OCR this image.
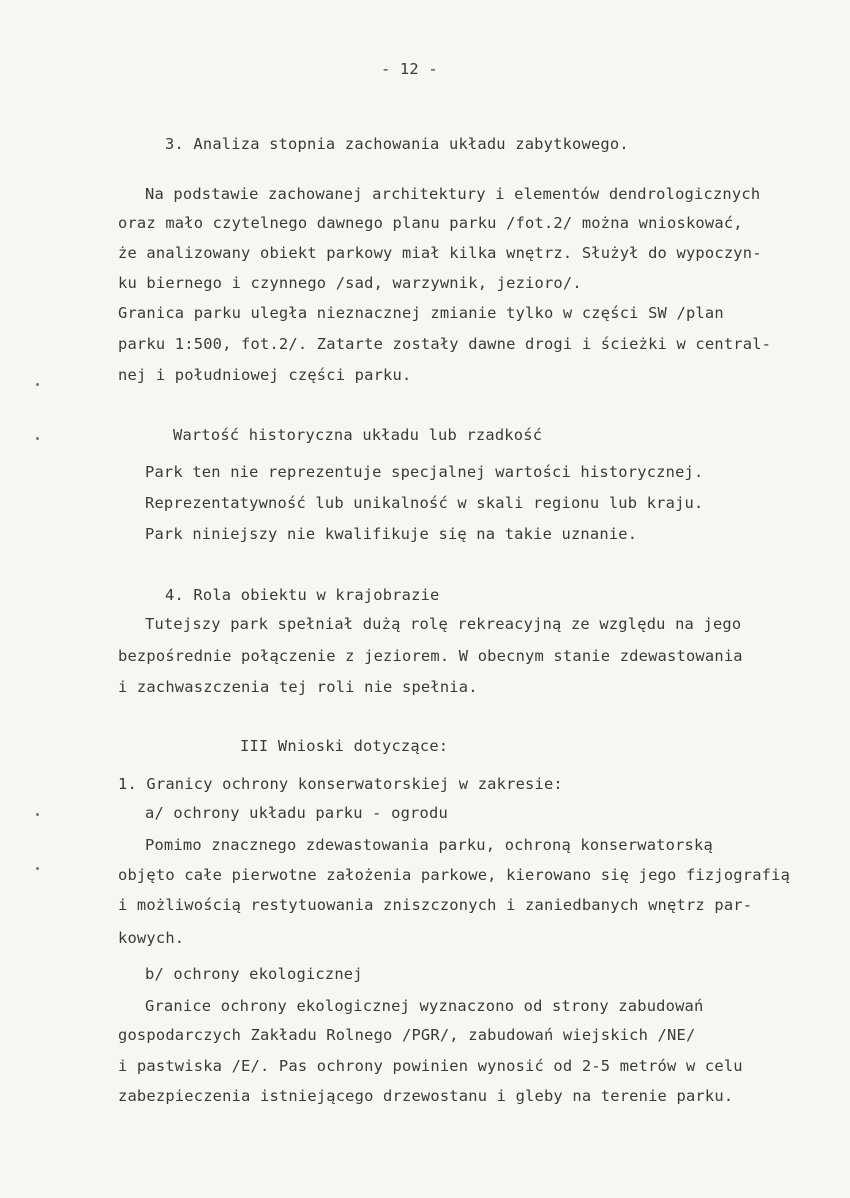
- 12 -
3. Analiza stopnia zachowania układu zabytkowego.
Na podstawie zachowanej architektury i elementów dendrologicznych
oraz mało czytelnego dawnego planu parku /fot.2/ można wnioskować,
że analizowany obiekt parkowy miał kilka wnętrz. Służył do wypoczyn-
ku biernego i czynnego /sad, warzywnik, jezioro/.
Granica parku uległa nieznacznej zmianie tylko w części SW /plan
parku 1:500, fot.2/. Zatarte zostały dawne drogi i ścieżki w central-
nej i południowej części parku.
Wartość historyczna układu lub rzadkość
Park ten nie reprezentuje specjalnej wartości historycznej.
Reprezentatywność lub unikalność w skali regionu lub kraju.
Park niniejszy nie kwalifikuje się na takie uznanie.
4. Rola obiektu w krajobrazie
Tutejszy park spełniał dużą rolę rekreacyjną ze względu na jego
bezpośrednie połączenie z jeziorem. W obecnym stanie zdewastowania
i zachwaszczenia tej roli nie spełnia.
III Wnioski dotyczące:
1. Granicy ochrony konserwatorskiej w zakresie:
a/ ochrony układu parku - ogrodu
Pomimo znacznego zdewastowania parku, ochroną konserwatorską
objęto całe pierwotne założenia parkowe, kierowano się jego fizjografią
i możliwością restytuowania zniszczonych i zaniedbanych wnętrz par-
kowych.
b/ ochrony ekologicznej
Granice ochrony ekologicznej wyznaczono od strony zabudowań
gospodarczych Zakładu Rolnego /PGR/, zabudowań wiejskich /NE/
i pastwiska /E/. Pas ochrony powinien wynosić od 2-5 metrów w celu
zabezpieczenia istniejącego drzewostanu i gleby na terenie parku.
